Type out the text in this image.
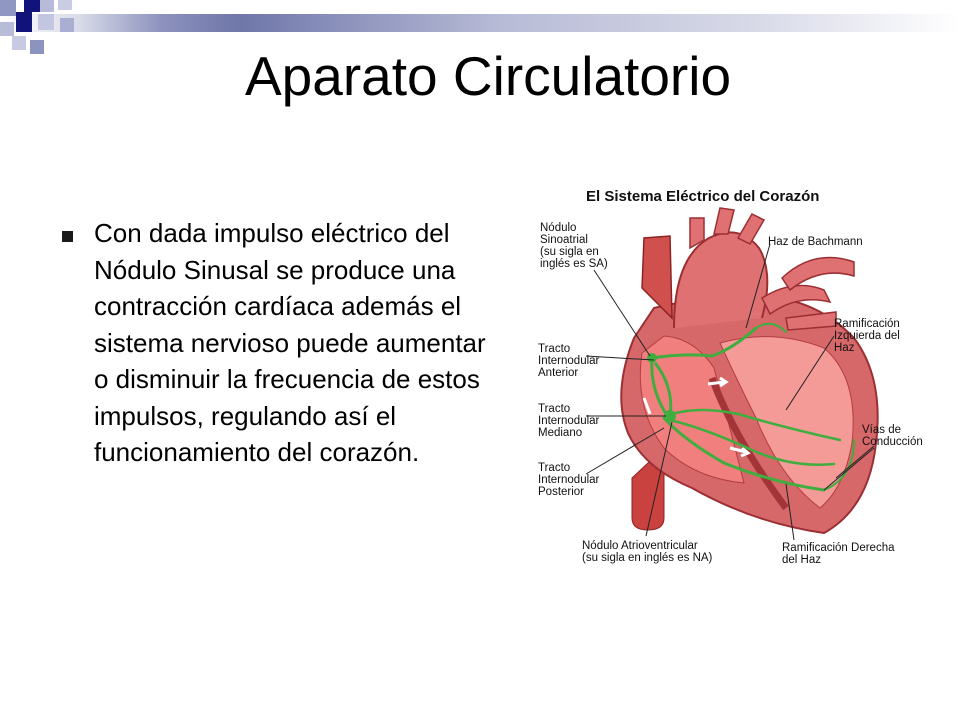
Aparato Circulatorio

Con dada impulso eléctrico del Nódulo Sinusal se produce una contracción cardíaca además el sistema nervioso puede aumentar o disminuir la frecuencia de estos impulsos, regulando así el funcionamiento del corazón.

El Sistema Eléctrico del Corazón

Nódulo
Sinoatrial
(su sigla en
inglés es SA)

Haz de Bachmann

Ramificación
Izquierda del
Haz

Tracto
Internodular
Anterior

Tracto
Internodular
Mediano	Vías de
Conducción

Tracto
Internodular
Posterior

Nódulo Atrioventricular
(su sigla en inglés es NA)

Ramificación Derecha
del Haz
